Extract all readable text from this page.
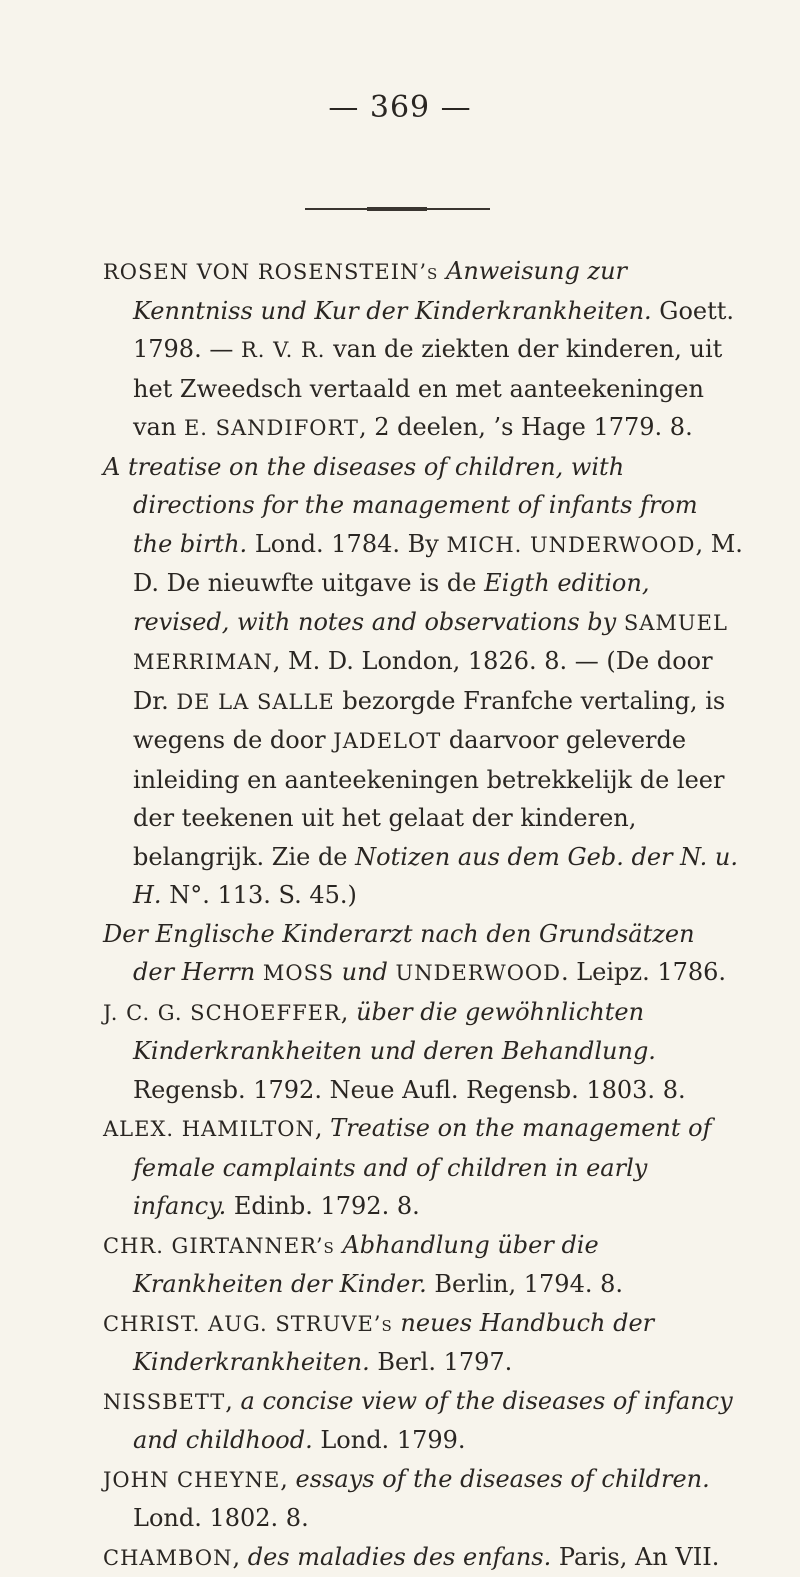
— 369 —

ROSEN VON ROSENSTEIN’s Anweisung zur Kenntniss und Kur der Kinderkrankheiten. Goett. 1798. — R. V. R. van de ziekten der kinderen, uit het Zweedsch vertaald en met aanteekeningen van E. SANDIFORT, 2 deelen, ’s Hage 1779. 8.

A treatise on the diseases of children, with directions for the management of infants from the birth. Lond. 1784. By MICH. UNDERWOOD, M. D. De nieuwfte uitgave is de Eigth edition, revised, with notes and observations by SAMUEL MERRIMAN, M. D. London, 1826. 8. — (De door Dr. DE LA SALLE bezorgde Franfche vertaling, is wegens de door JADELOT daarvoor geleverde inleiding en aanteekeningen betrekkelijk de leer der teekenen uit het gelaat der kinderen, belangrijk. Zie de Notizen aus dem Geb. der N. u. H. N°. 113. S. 45.)

Der Englische Kinderarzt nach den Grundsätzen der Herrn MOSS und UNDERWOOD. Leipz. 1786.

J. C. G. SCHOEFFER, über die gewöhnlichten Kinderkrankheiten und deren Behandlung. Regensb. 1792. Neue Aufl. Regensb. 1803. 8.

ALEX. HAMILTON, Treatise on the management of female camplaints and of children in early infancy. Edinb. 1792. 8.

CHR. GIRTANNER’s Abhandlung über die Krankheiten der Kinder. Berlin, 1794. 8.

CHRIST. AUG. STRUVE’s neues Handbuch der Kinderkrankheiten. Berl. 1797.

NISSBETT, a concise view of the diseases of infancy and childhood. Lond. 1799.

JOHN CHEYNE, essays of the diseases of children. Lond. 1802. 8.

CHAMBON, des maladies des enfans. Paris, An VII.
